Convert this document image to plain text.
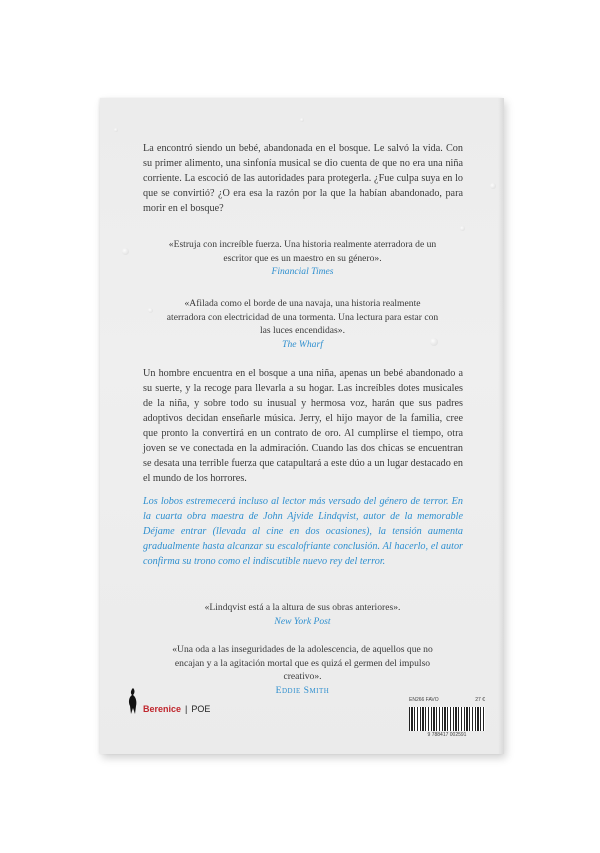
La encontró siendo un bebé, abandonada en el bosque. Le salvó la vida. Con su primer alimento, una sinfonía musical se dio cuenta de que no era una niña corriente. La escoció de las autoridades para protegerla. ¿Fue culpa suya en lo que se convirtió? ¿O era esa la razón por la que la habían abandonado, para morir en el bosque?
«Estruja con increíble fuerza. Una historia realmente aterradora de un escritor que es un maestro en su género».
Financial Times
«Afilada como el borde de una navaja, una historia realmente aterradora con electricidad de una tormenta. Una lectura para estar con las luces encendidas».
The Wharf
Un hombre encuentra en el bosque a una niña, apenas un bebé abandonado a su suerte, y la recoge para llevarla a su hogar. Las increíbles dotes musicales de la niña, y sobre todo su inusual y hermosa voz, harán que sus padres adoptivos decidan enseñarle música. Jerry, el hijo mayor de la familia, cree que pronto la convertirá en un contrato de oro. Al cumplirse el tiempo, otra joven se ve conectada en la admiración. Cuando las dos chicas se encuentran se desata una terrible fuerza que catapultará a este dúo a un lugar destacado en el mundo de los horrores.
Los lobos estremecerá incluso al lector más versado del género de terror. En la cuarta obra maestra de John Ajvide Lindqvist, autor de la memorable Déjame entrar (llevada al cine en dos ocasiones), la tensión aumenta gradualmente hasta alcanzar su escalofriante conclusión. Al hacerlo, el autor confirma su trono como el indiscutible nuevo rey del terror.
«Lindqvist está a la altura de sus obras anteriores».
New York Post
«Una oda a las inseguridades de la adolescencia, de aquellos que no encajan y a la agitación mortal que es quizá el germen del impulso creativo».
Eddie Smith
Berenice | POE
EN266 FAVO	27 €
9 788417 002591
